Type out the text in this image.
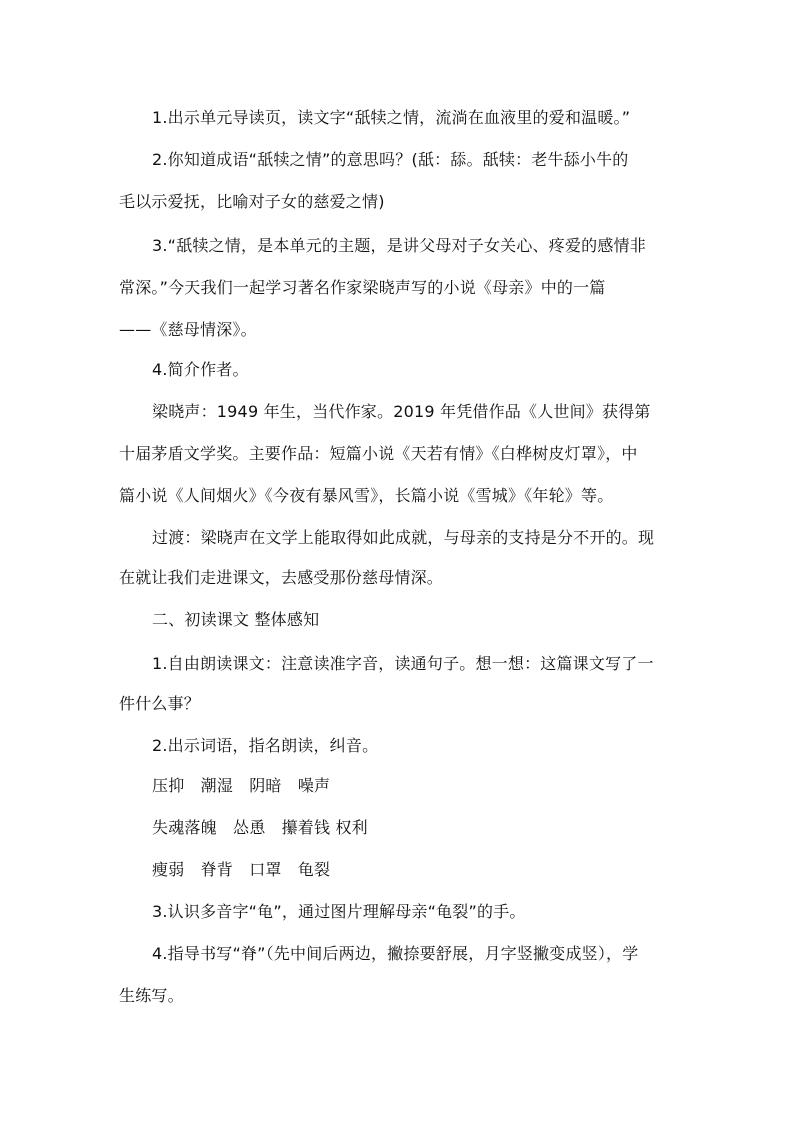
1.出示单元导读页，读文字“舐犊之情，流淌在血液里的爱和温暖。”
2.你知道成语“舐犊之情”的意思吗？(舐：舔。舐犊：老牛舔小牛的
毛以示爱抚，比喻对子女的慈爱之情)
3.“舐犊之情，是本单元的主题，是讲父母对子女关心、疼爱的感情非
常深。”今天我们一起学习著名作家梁晓声写的小说《母亲》中的一篇
——《慈母情深》。
4.简介作者。
梁晓声：1949 年生，当代作家。2019 年凭借作品《人世间》获得第
十届茅盾文学奖。主要作品：短篇小说《天若有情》《白桦树皮灯罩》，中
篇小说《人间烟火》《今夜有暴风雪》，长篇小说《雪城》《年轮》等。
过渡：梁晓声在文学上能取得如此成就，与母亲的支持是分不开的。现
在就让我们走进课文，去感受那份慈母情深。
二、初读课文 整体感知
1.自由朗读课文：注意读准字音，读通句子。想一想：这篇课文写了一
件什么事？
2.出示词语，指名朗读，纠音。
压抑　潮湿　阴暗　噪声
失魂落魄　怂恿　攥着钱 权利
瘦弱　脊背　口罩　龟裂
3.认识多音字“龟”，通过图片理解母亲“龟裂”的手。
4.指导书写“脊”（先中间后两边，撇捺要舒展，月字竖撇变成竖），学
生练写。
